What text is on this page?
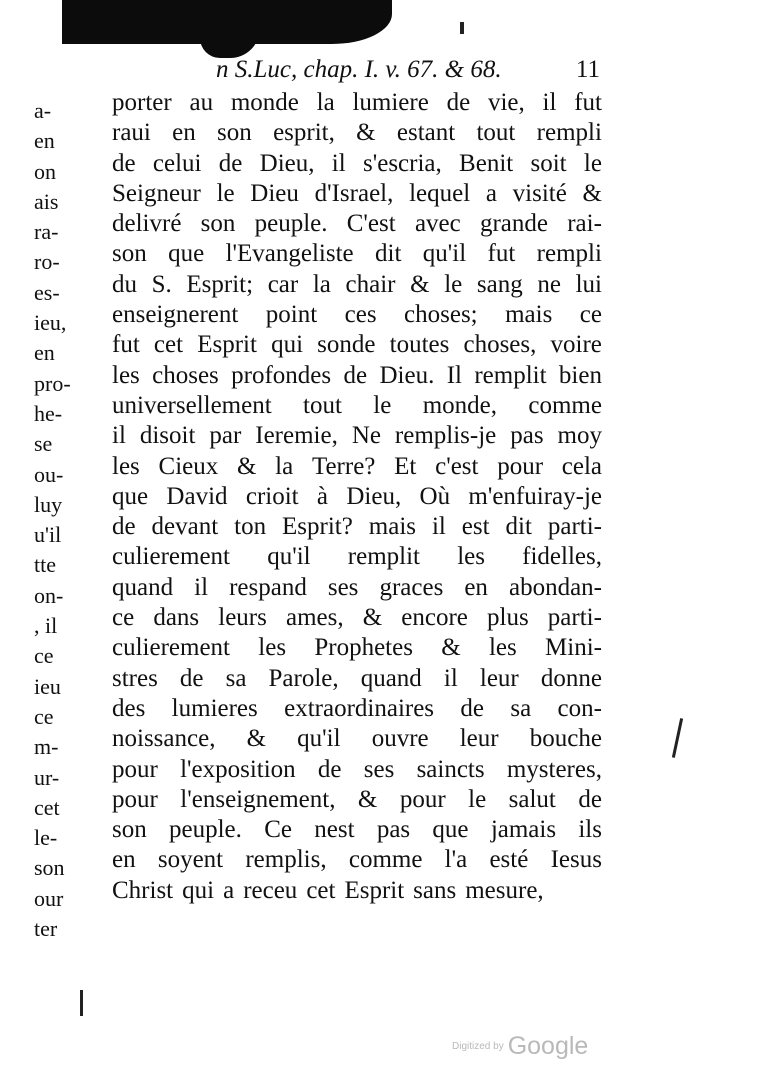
n S.Luc, chap. I. v. 67. & 68.	11
a-
en
on
ais
ra-
ro-
es-
ieu,
en
pro-
he-
se
ou-
luy
u'il
tte
on-
, il
ce
ieu
ce
m-
ur-
cet
le-
son
our
ter
porter au monde la lumiere de vie, il fut
raui en son esprit, & estant tout rempli
de celui de Dieu, il s'escria, Benit soit le
Seigneur le Dieu d'Israel, lequel a visité &
delivré son peuple. C'est avec grande rai-
son que l'Evangeliste dit qu'il fut rempli
du S. Esprit; car la chair & le sang ne lui
enseignerent point ces choses; mais ce
fut cet Esprit qui sonde toutes choses, voire
les choses profondes de Dieu. Il remplit bien
universellement tout le monde, comme
il disoit par Ieremie, Ne remplis-je pas moy
les Cieux & la Terre? Et c'est pour cela
que David crioit à Dieu, Où m'enfuiray-je
de devant ton Esprit? mais il est dit parti-
culierement qu'il remplit les fidelles,
quand il respand ses graces en abondan-
ce dans leurs ames, & encore plus parti-
culierement les Prophetes & les Mini-
stres de sa Parole, quand il leur donne
des lumieres extraordinaires de sa con-
noissance, & qu'il ouvre leur bouche
pour l'exposition de ses saincts mysteres,
pour l'enseignement, & pour le salut de
son peuple. Ce nest pas que jamais ils
en soyent remplis, comme l'a esté Iesus
Christ qui a receu cet Esprit sans mesure,
Digitized by Google
